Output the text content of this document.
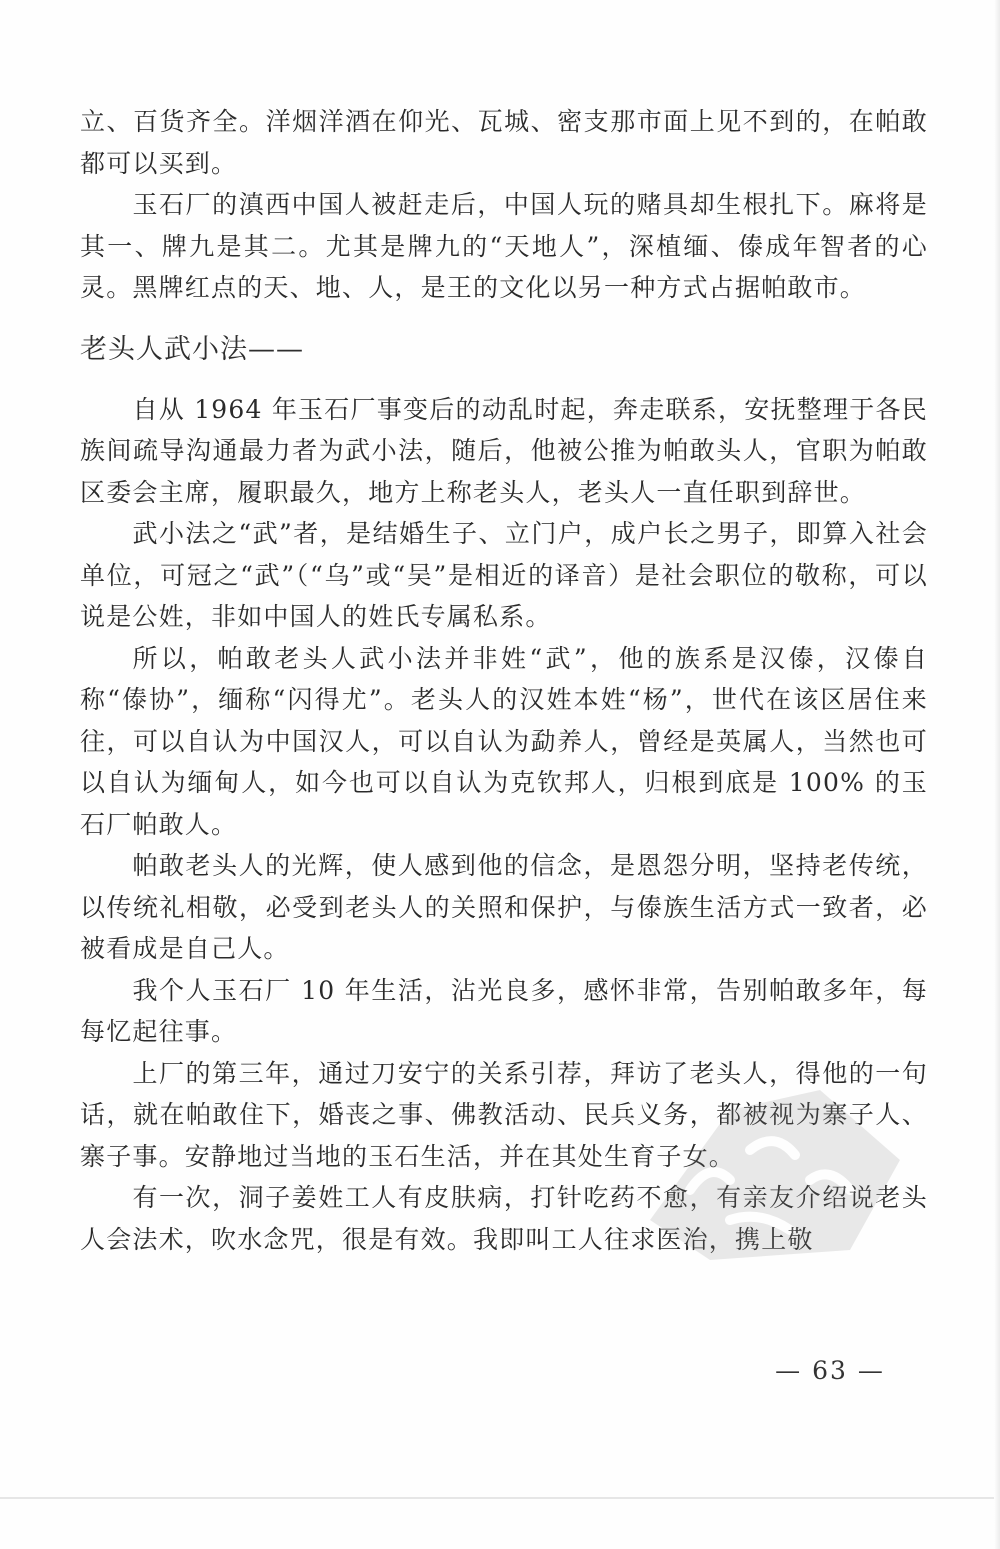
立、百货齐全。洋烟洋酒在仰光、瓦城、密支那市面上见不到的，在帕敢都可以买到。

玉石厂的滇西中国人被赶走后，中国人玩的赌具却生根扎下。麻将是其一、牌九是其二。尤其是牌九的“天地人”，深植缅、傣成年智者的心灵。黑牌红点的天、地、人，是王的文化以另一种方式占据帕敢市。

老头人武小法——

自从 1964 年玉石厂事变后的动乱时起，奔走联系，安抚整理于各民族间疏导沟通最力者为武小法，随后，他被公推为帕敢头人，官职为帕敢区委会主席，履职最久，地方上称老头人，老头人一直任职到辞世。

武小法之“武”者，是结婚生子、立门户，成户长之男子，即算入社会单位，可冠之“武”（“乌”或“吴”是相近的译音）是社会职位的敬称，可以说是公姓，非如中国人的姓氏专属私系。

所以，帕敢老头人武小法并非姓“武”，他的族系是汉傣，汉傣自称“傣协”，缅称“闪得尤”。老头人的汉姓本姓“杨”，世代在该区居住来往，可以自认为中国汉人，可以自认为勐养人，曾经是英属人，当然也可以自认为缅甸人，如今也可以自认为克钦邦人，归根到底是 100% 的玉石厂帕敢人。

帕敢老头人的光辉，使人感到他的信念，是恩怨分明，坚持老传统，以传统礼相敬，必受到老头人的关照和保护，与傣族生活方式一致者，必被看成是自己人。

我个人玉石厂 10 年生活，沾光良多，感怀非常，告别帕敢多年，每每忆起往事。

上厂的第三年，通过刀安宁的关系引荐，拜访了老头人，得他的一句话，就在帕敢住下，婚丧之事、佛教活动、民兵义务，都被视为寨子人、寨子事。安静地过当地的玉石生活，并在其处生育子女。

有一次，洞子姜姓工人有皮肤病，打针吃药不愈，有亲友介绍说老头人会法术，吹水念咒，很是有效。我即叫工人往求医治，携上敬

— 63 —
